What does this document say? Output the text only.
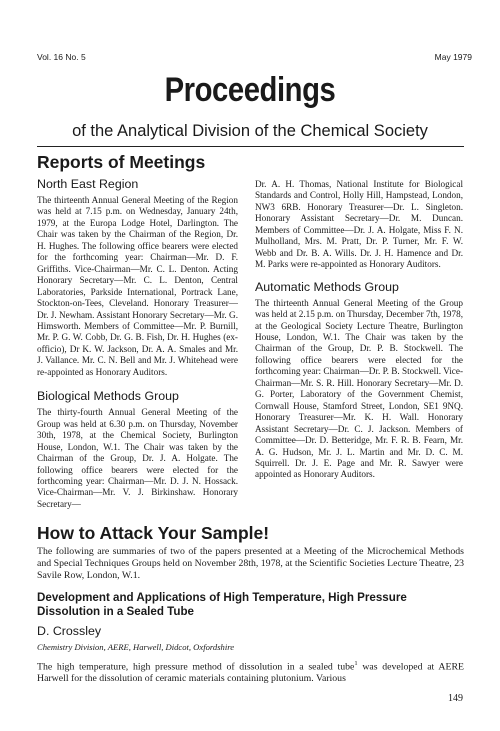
Vol. 16 No. 5	May 1979
Proceedings
of the Analytical Division of the Chemical Society
Reports of Meetings
North East Region

The thirteenth Annual General Meeting of the Region was held at 7.15 p.m. on Wednesday, January 24th, 1979, at the Europa Lodge Hotel, Darlington. The Chair was taken by the Chairman of the Region, Dr. H. Hughes. The following office bearers were elected for the forthcoming year: Chairman—Mr. D. F. Griffiths. Vice-Chairman—Mr. C. L. Denton. Acting Honorary Secretary—Mr. C. L. Denton, Central Laboratories, Parkside International, Portrack Lane, Stockton-on-Tees, Cleveland. Honorary Treasurer—Dr. J. Newham. Assistant Honorary Secretary—Mr. G. Himsworth. Members of Committee—Mr. P. Burnill, Mr. P. G. W. Cobb, Dr. G. B. Fish, Dr. H. Hughes (ex-officio), Dr K. W. Jackson, Dr. A. A. Smales and Mr. J. Vallance. Mr. C. N. Bell and Mr. J. Whitehead were re-appointed as Honorary Auditors.

Biological Methods Group

The thirty-fourth Annual General Meeting of the Group was held at 6.30 p.m. on Thursday, November 30th, 1978, at the Chemical Society, Burlington House, London, W.1. The Chair was taken by the Chairman of the Group, Dr. J. A. Holgate. The following office bearers were elected for the forthcoming year: Chairman—Mr. D. J. N. Hossack. Vice-Chairman—Mr. V. J. Birkinshaw. Honorary Secretary—

Dr. A. H. Thomas, National Institute for Biological Standards and Control, Holly Hill, Hampstead, London, NW3 6RB. Honorary Treasurer—Dr. L. Singleton. Honorary Assistant Secretary—Dr. M. Duncan. Members of Committee—Dr. J. A. Holgate, Miss F. N. Mulholland, Mrs. M. Pratt, Dr. P. Turner, Mr. F. W. Webb and Dr. B. A. Wills. Dr. J. H. Hamence and Dr. M. Parks were re-appointed as Honorary Auditors.

Automatic Methods Group

The thirteenth Annual General Meeting of the Group was held at 2.15 p.m. on Thursday, December 7th, 1978, at the Geological Society Lecture Theatre, Burlington House, London, W.1. The Chair was taken by the Chairman of the Group, Dr. P. B. Stockwell. The following office bearers were elected for the forthcoming year: Chairman—Dr. P. B. Stockwell. Vice-Chairman—Mr. S. R. Hill. Honorary Secretary—Mr. D. G. Porter, Laboratory of the Government Chemist, Cornwall House, Stamford Street, London, SE1 9NQ. Honorary Treasurer—Mr. K. H. Wall. Honorary Assistant Secretary—Dr. C. J. Jackson. Members of Committee—Dr. D. Betteridge, Mr. F. R. B. Fearn, Mr. A. G. Hudson, Mr. J. L. Martin and Mr. D. C. M. Squirrell. Dr. J. E. Page and Mr. R. Sawyer were appointed as Honorary Auditors.

How to Attack Your Sample!

The following are summaries of two of the papers presented at a Meeting of the Microchemical Methods and Special Techniques Groups held on November 28th, 1978, at the Scientific Societies Lecture Theatre, 23 Savile Row, London, W.1.

Development and Applications of High Temperature, High Pressure Dissolution in a Sealed Tube
D. Crossley
Chemistry Division, AERE, Harwell, Didcot, Oxfordshire

The high temperature, high pressure method of dissolution in a sealed tube$^1$ was developed at AERE Harwell for the dissolution of ceramic materials containing plutonium. Various

149
